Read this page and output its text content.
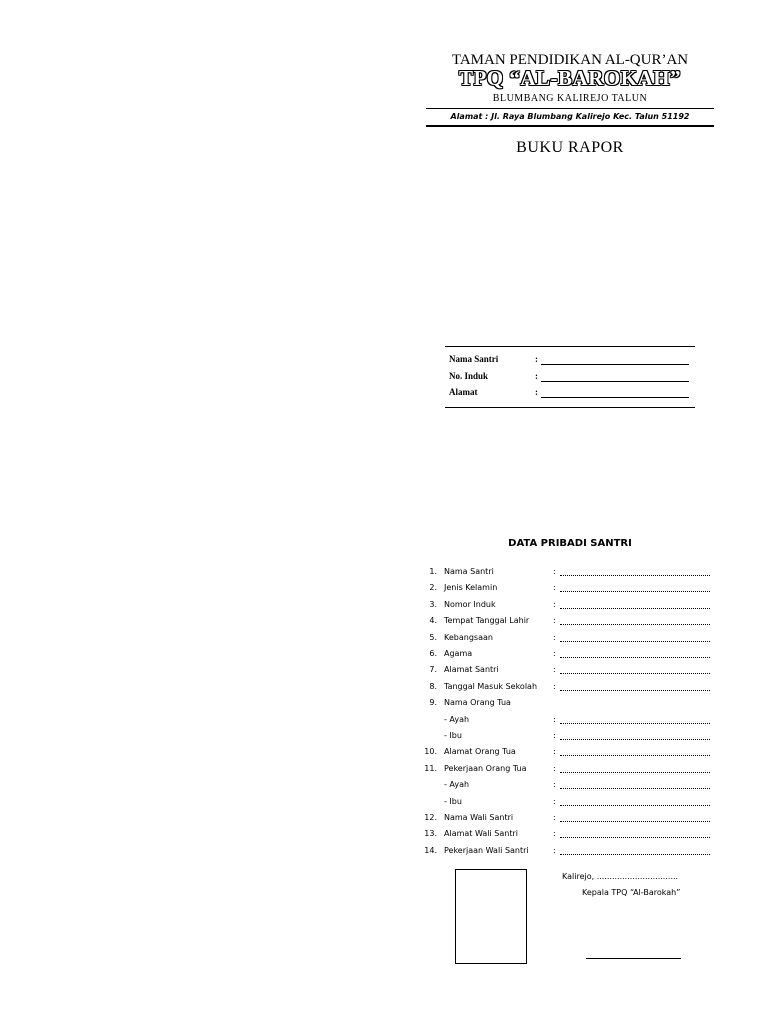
TAMAN PENDIDIKAN AL-QUR’AN
TPQ “AL-BAROKAH”
BLUMBANG KALIREJO TALUN
Alamat : Jl. Raya Blumbang Kalirejo Kec. Talun 51192
BUKU RAPOR
Nama Santri	:
No. Induk	:
Alamat	:
DATA PRIBADI SANTRI
1. Nama Santri	:
2. Jenis Kelamin	:
3. Nomor Induk	:
4. Tempat Tanggal Lahir	:
5. Kebangsaan	:
6. Agama	:
7. Alamat Santri	:
8. Tanggal Masuk Sekolah :
9. Nama Orang Tua
- Ayah	:
- Ibu	:
10. Alamat Orang Tua	:
11. Pekerjaan Orang Tua	:
- Ayah	:
- Ibu	:
12. Nama Wali Santri	:
13. Alamat Wali Santri	:
14. Pekerjaan Wali Santri	:
Kalirejo, ................................
Kepala TPQ “Al-Barokah”
